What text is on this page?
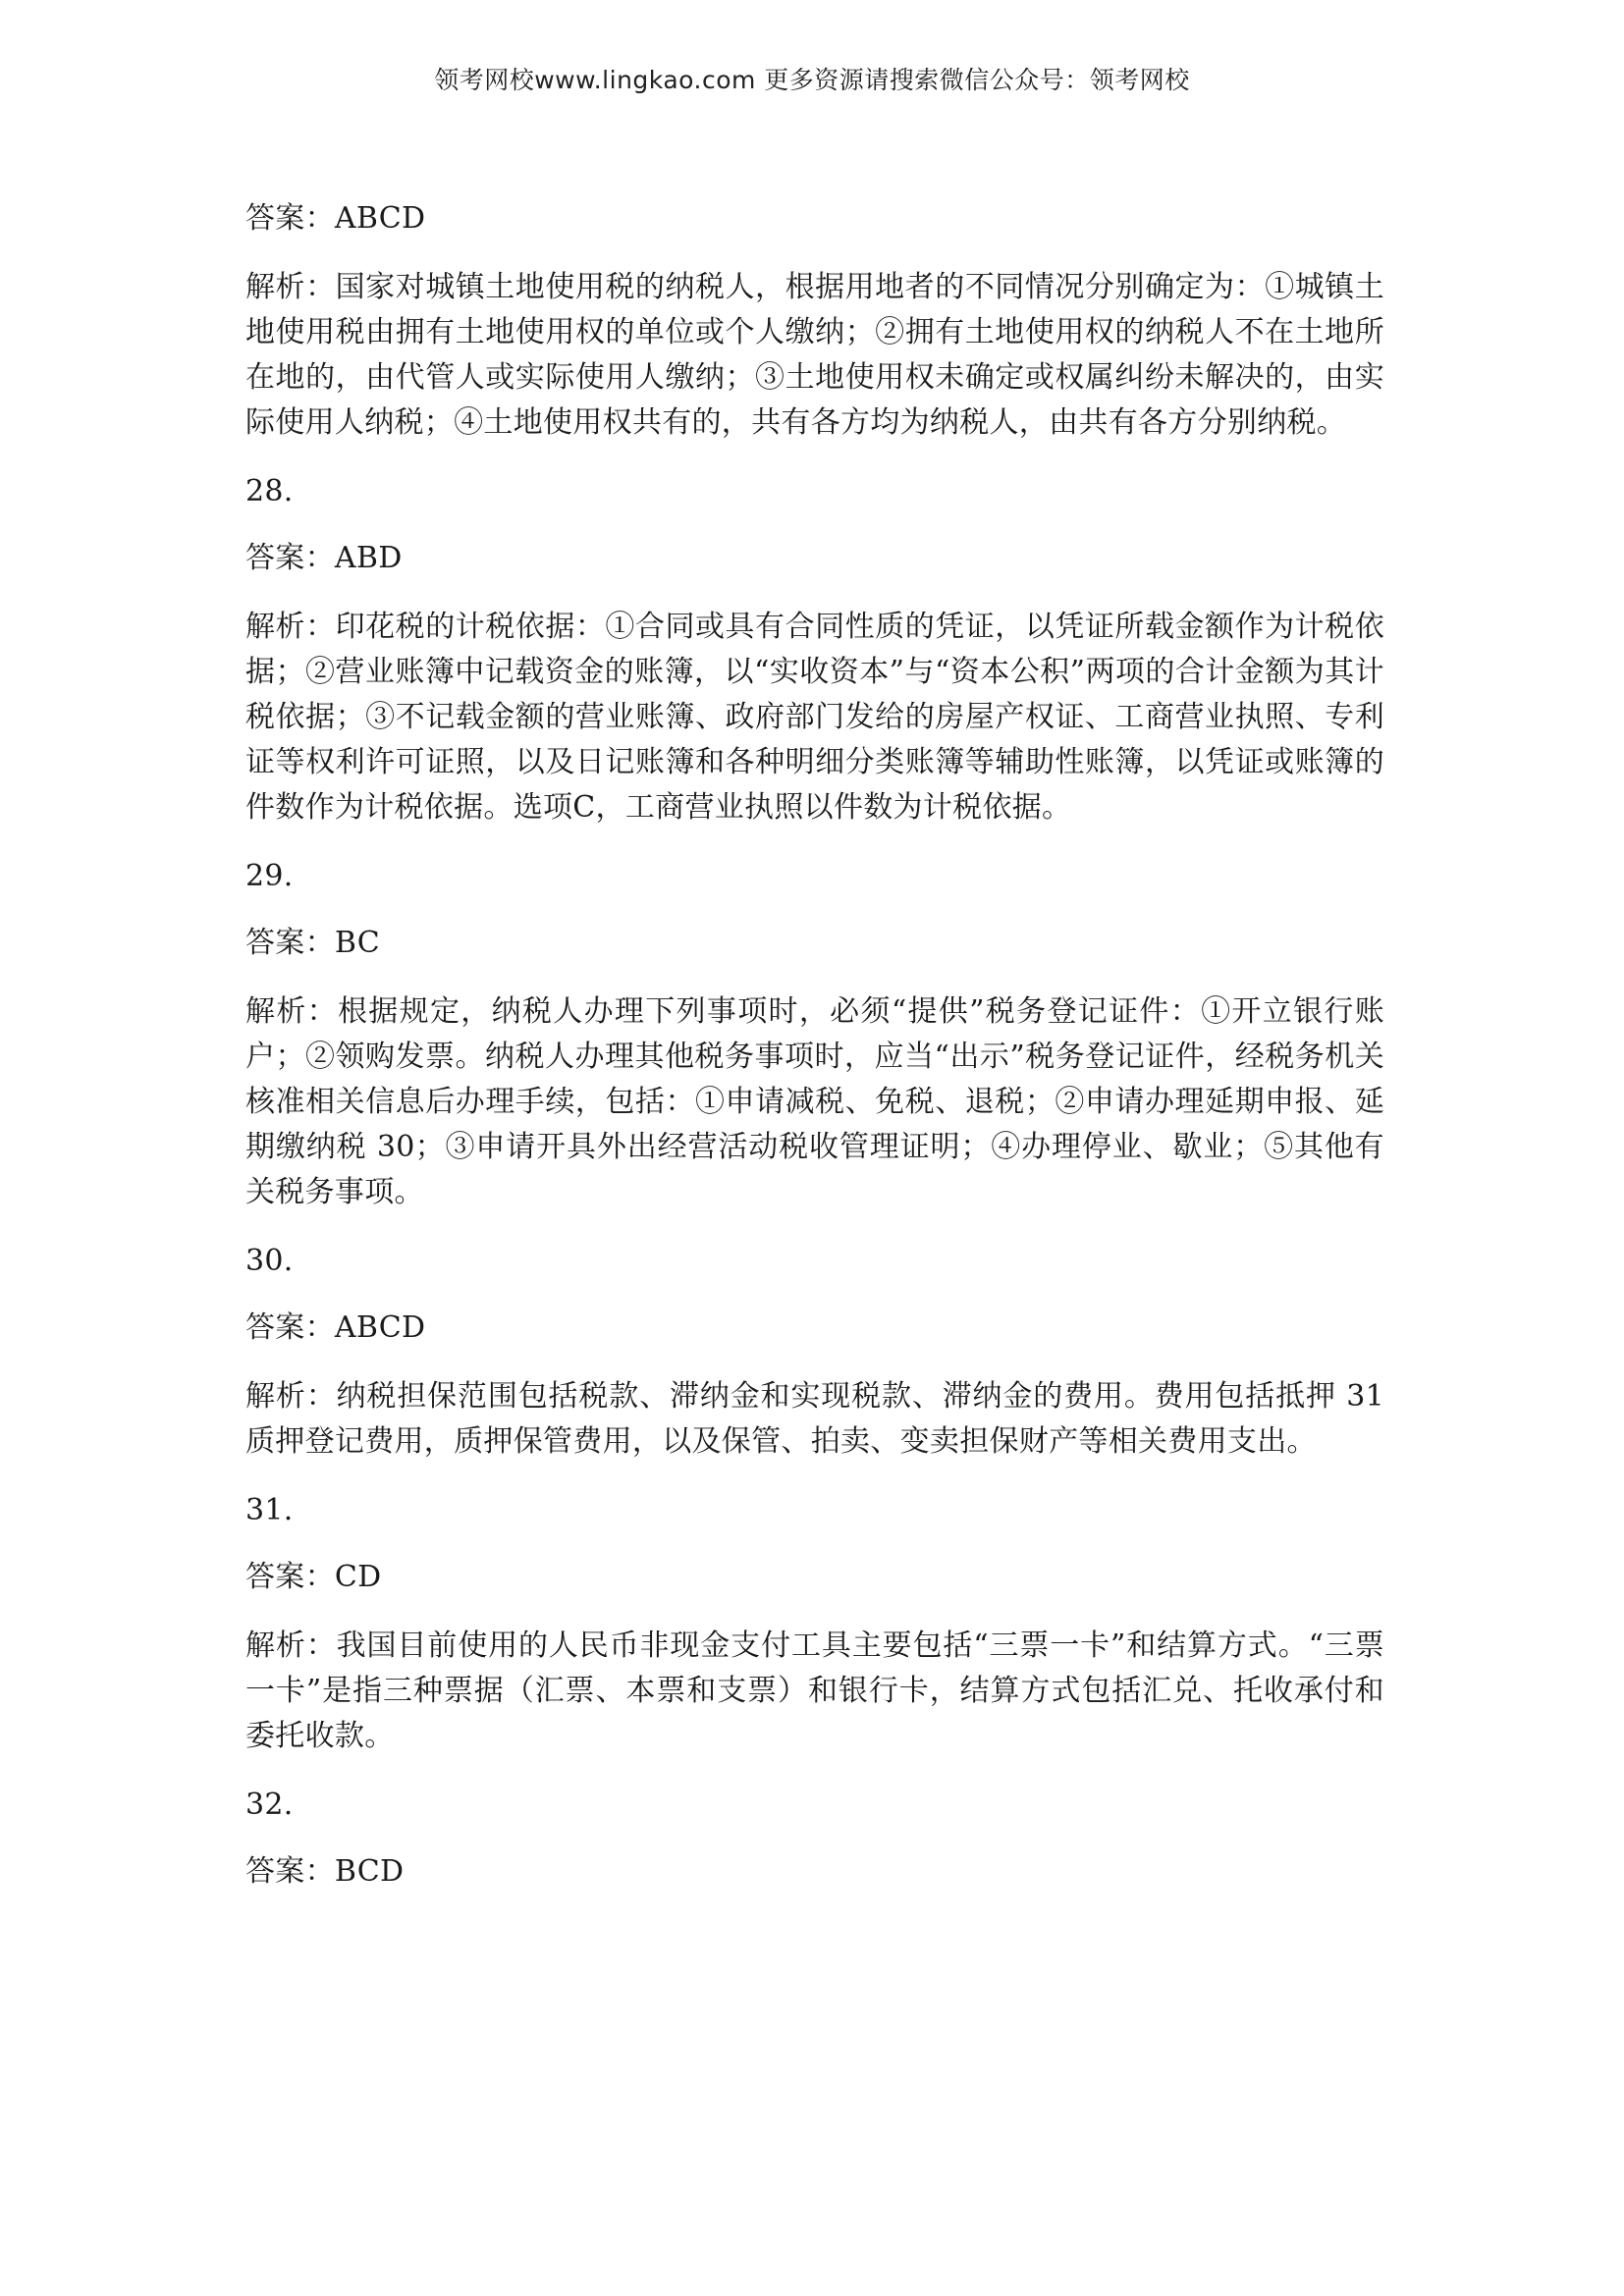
领考网校www.lingkao.com 更多资源请搜索微信公众号：领考网校

答案：ABCD

解析：国家对城镇土地使用税的纳税人，根据用地者的不同情况分别确定为：①城镇土地使用税由拥有土地使用权的单位或个人缴纳；②拥有土地使用权的纳税人不在土地所在地的，由代管人或实际使用人缴纳；③土地使用权未确定或权属纠纷未解决的，由实际使用人纳税；④土地使用权共有的，共有各方均为纳税人，由共有各方分别纳税。

28.

答案：ABD

解析：印花税的计税依据：①合同或具有合同性质的凭证，以凭证所载金额作为计税依据；②营业账簿中记载资金的账簿，以“实收资本”与“资本公积”两项的合计金额为其计税依据；③不记载金额的营业账簿、政府部门发给的房屋产权证、工商营业执照、专利证等权利许可证照，以及日记账簿和各种明细分类账簿等辅助性账簿，以凭证或账簿的件数作为计税依据。选项C，工商营业执照以件数为计税依据。

29.

答案：BC

解析：根据规定，纳税人办理下列事项时，必须“提供”税务登记证件：①开立银行账户；②领购发票。纳税人办理其他税务事项时，应当“出示”税务登记证件，经税务机关核准相关信息后办理手续，包括：①申请减税、免税、退税；②申请办理延期申报、延期缴纳税 30；③申请开具外出经营活动税收管理证明；④办理停业、歇业；⑤其他有关税务事项。

30.

答案：ABCD

解析：纳税担保范围包括税款、滞纳金和实现税款、滞纳金的费用。费用包括抵押 31 质押登记费用，质押保管费用，以及保管、拍卖、变卖担保财产等相关费用支出。

31.

答案：CD

解析：我国目前使用的人民币非现金支付工具主要包括“三票一卡”和结算方式。“三票一卡”是指三种票据（汇票、本票和支票）和银行卡，结算方式包括汇兑、托收承付和委托收款。

32.

答案：BCD
